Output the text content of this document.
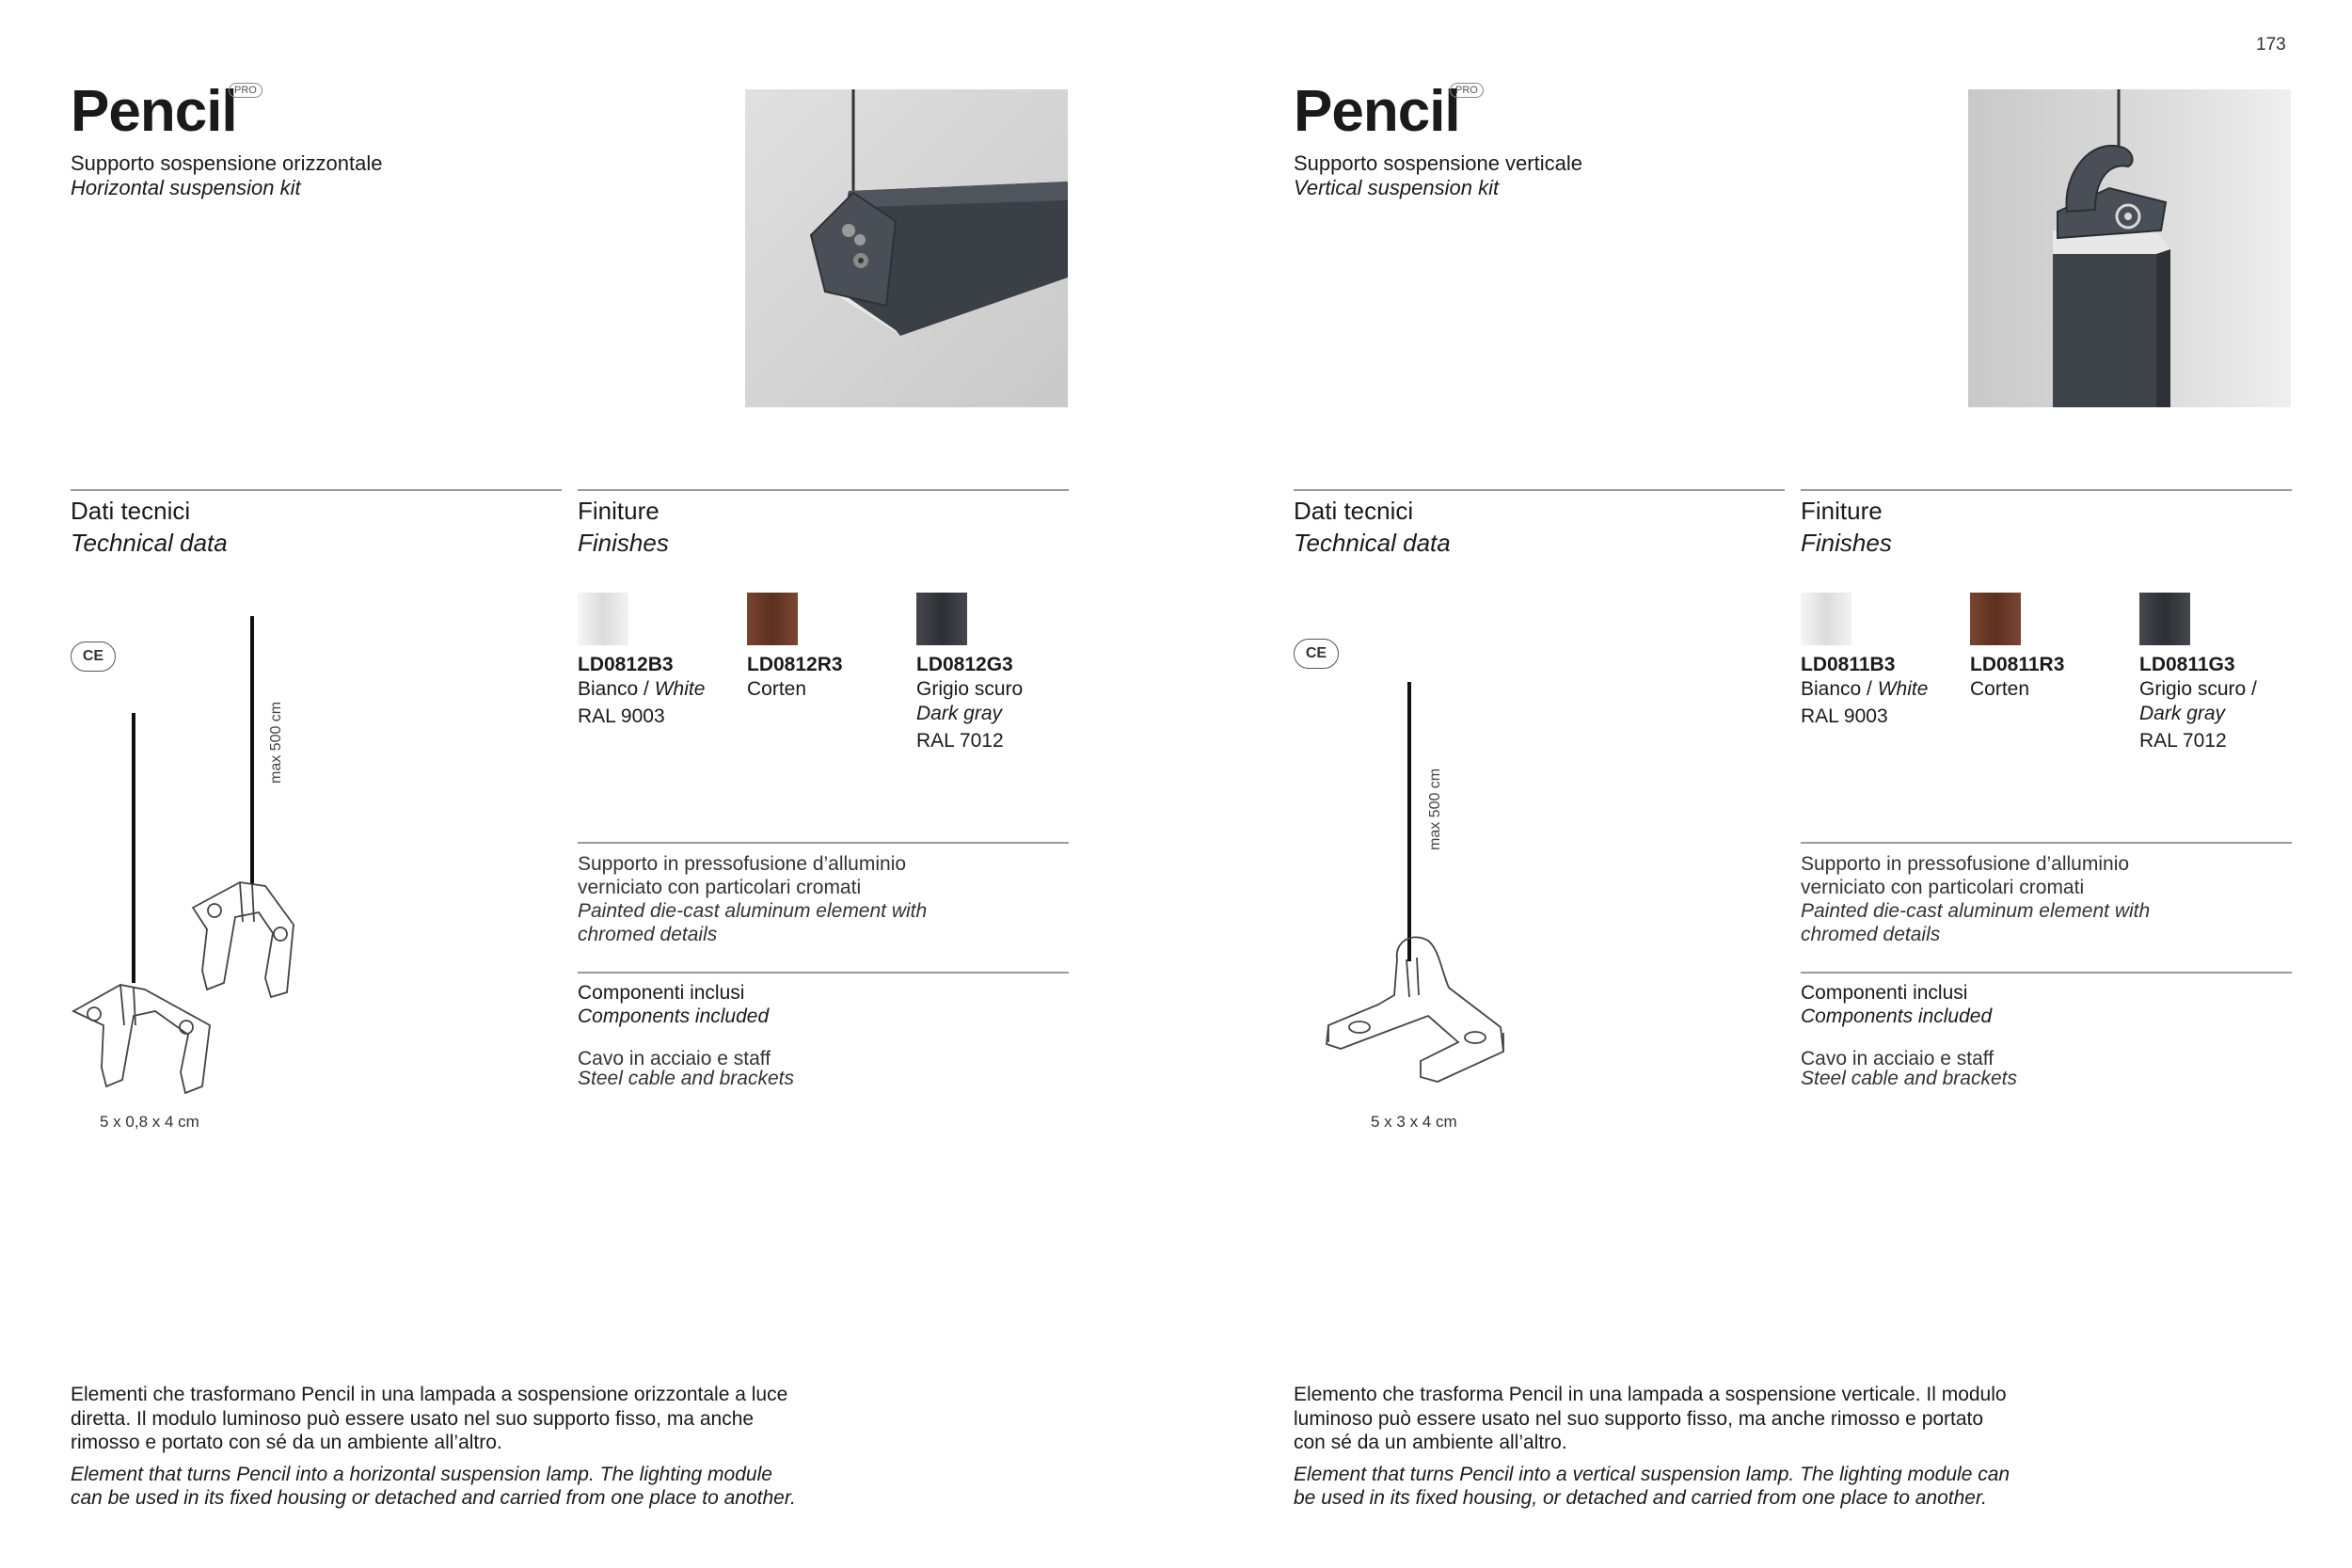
173
Pencil
PRO
Supporto sospensione orizzontale
Horizontal suspension kit
Dati tecnici
Technical data
Finiture
Finishes
CE
max 500 cm
5 x 0,8 x 4 cm
LD0812B3
Bianco / White
RAL 9003
LD0812R3
Corten
LD0812G3
Grigio scuro
Dark gray
RAL 7012
Supporto in pressofusione d’alluminio
verniciato con particolari cromati
Painted die-cast aluminum element with
chromed details
Componenti inclusi
Components included
Cavo in acciaio e staff
Steel cable and brackets
Elementi che trasformano Pencil in una lampada a sospensione orizzontale a luce
diretta. Il modulo luminoso può essere usato nel suo supporto fisso, ma anche
rimosso e portato con sé da un ambiente all’altro.
Element that turns Pencil into a horizontal suspension lamp. The lighting module
can be used in its fixed housing or detached and carried from one place to another.
Pencil
PRO
Supporto sospensione verticale
Vertical suspension kit
Dati tecnici
Technical data
Finiture
Finishes
CE
max 500 cm
5 x 3 x 4 cm
LD0811B3
Bianco / White
RAL 9003
LD0811R3
Corten
LD0811G3
Grigio scuro /
Dark gray
RAL 7012
Supporto in pressofusione d’alluminio
verniciato con particolari cromati
Painted die-cast aluminum element with
chromed details
Componenti inclusi
Components included
Cavo in acciaio e staff
Steel cable and brackets
Elemento che trasforma Pencil in una lampada a sospensione verticale. Il modulo
luminoso può essere usato nel suo supporto fisso, ma anche rimosso e portato
con sé da un ambiente all’altro.
Element that turns Pencil into a vertical suspension lamp. The lighting module can
be used in its fixed housing, or detached and carried from one place to another.
